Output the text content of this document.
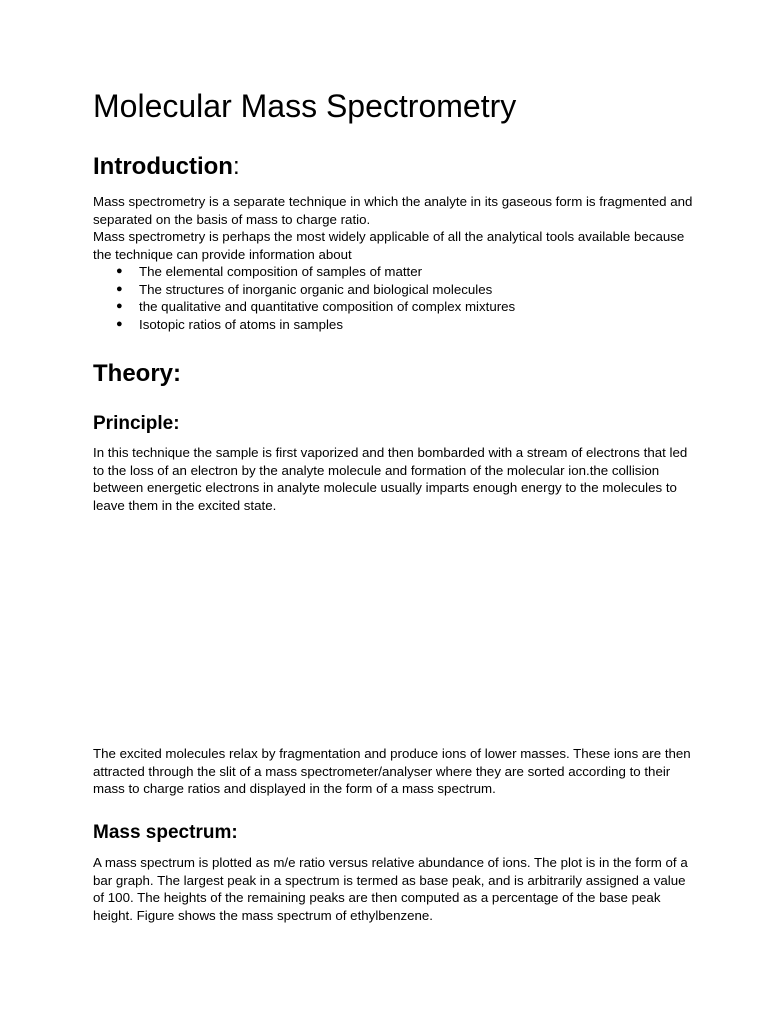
Molecular Mass Spectrometry
Introduction:

Mass spectrometry is a separate technique in which the analyte in its gaseous form is fragmented and separated on the basis of mass to charge ratio.

Mass spectrometry is perhaps the most widely applicable of all the analytical tools available because the technique can provide information about

● The elemental composition of samples of matter
● The structures of inorganic organic and biological molecules
● the qualitative and quantitative composition of complex mixtures
● Isotopic ratios of atoms in samples
Theory:
Principle:
In this technique the sample is first vaporized and then bombarded with a stream of electrons that led to the loss of an electron by the analyte molecule and formation of the molecular ion.the collision between energetic electrons in analyte molecule usually imparts enough energy to the molecules to leave them in the excited state.
The excited molecules relax by fragmentation and produce ions of lower masses. These ions are then attracted through the slit of a mass spectrometer/analyser where they are sorted according to their mass to charge ratios and displayed in the form of a mass spectrum.
Mass spectrum:
A mass spectrum is plotted as m/e ratio versus relative abundance of ions. The plot is in the form of a bar graph. The largest peak in a spectrum is termed as base peak, and is arbitrarily assigned a value of 100. The heights of the remaining peaks are then computed as a percentage of the base peak height. Figure shows the mass spectrum of ethylbenzene.
